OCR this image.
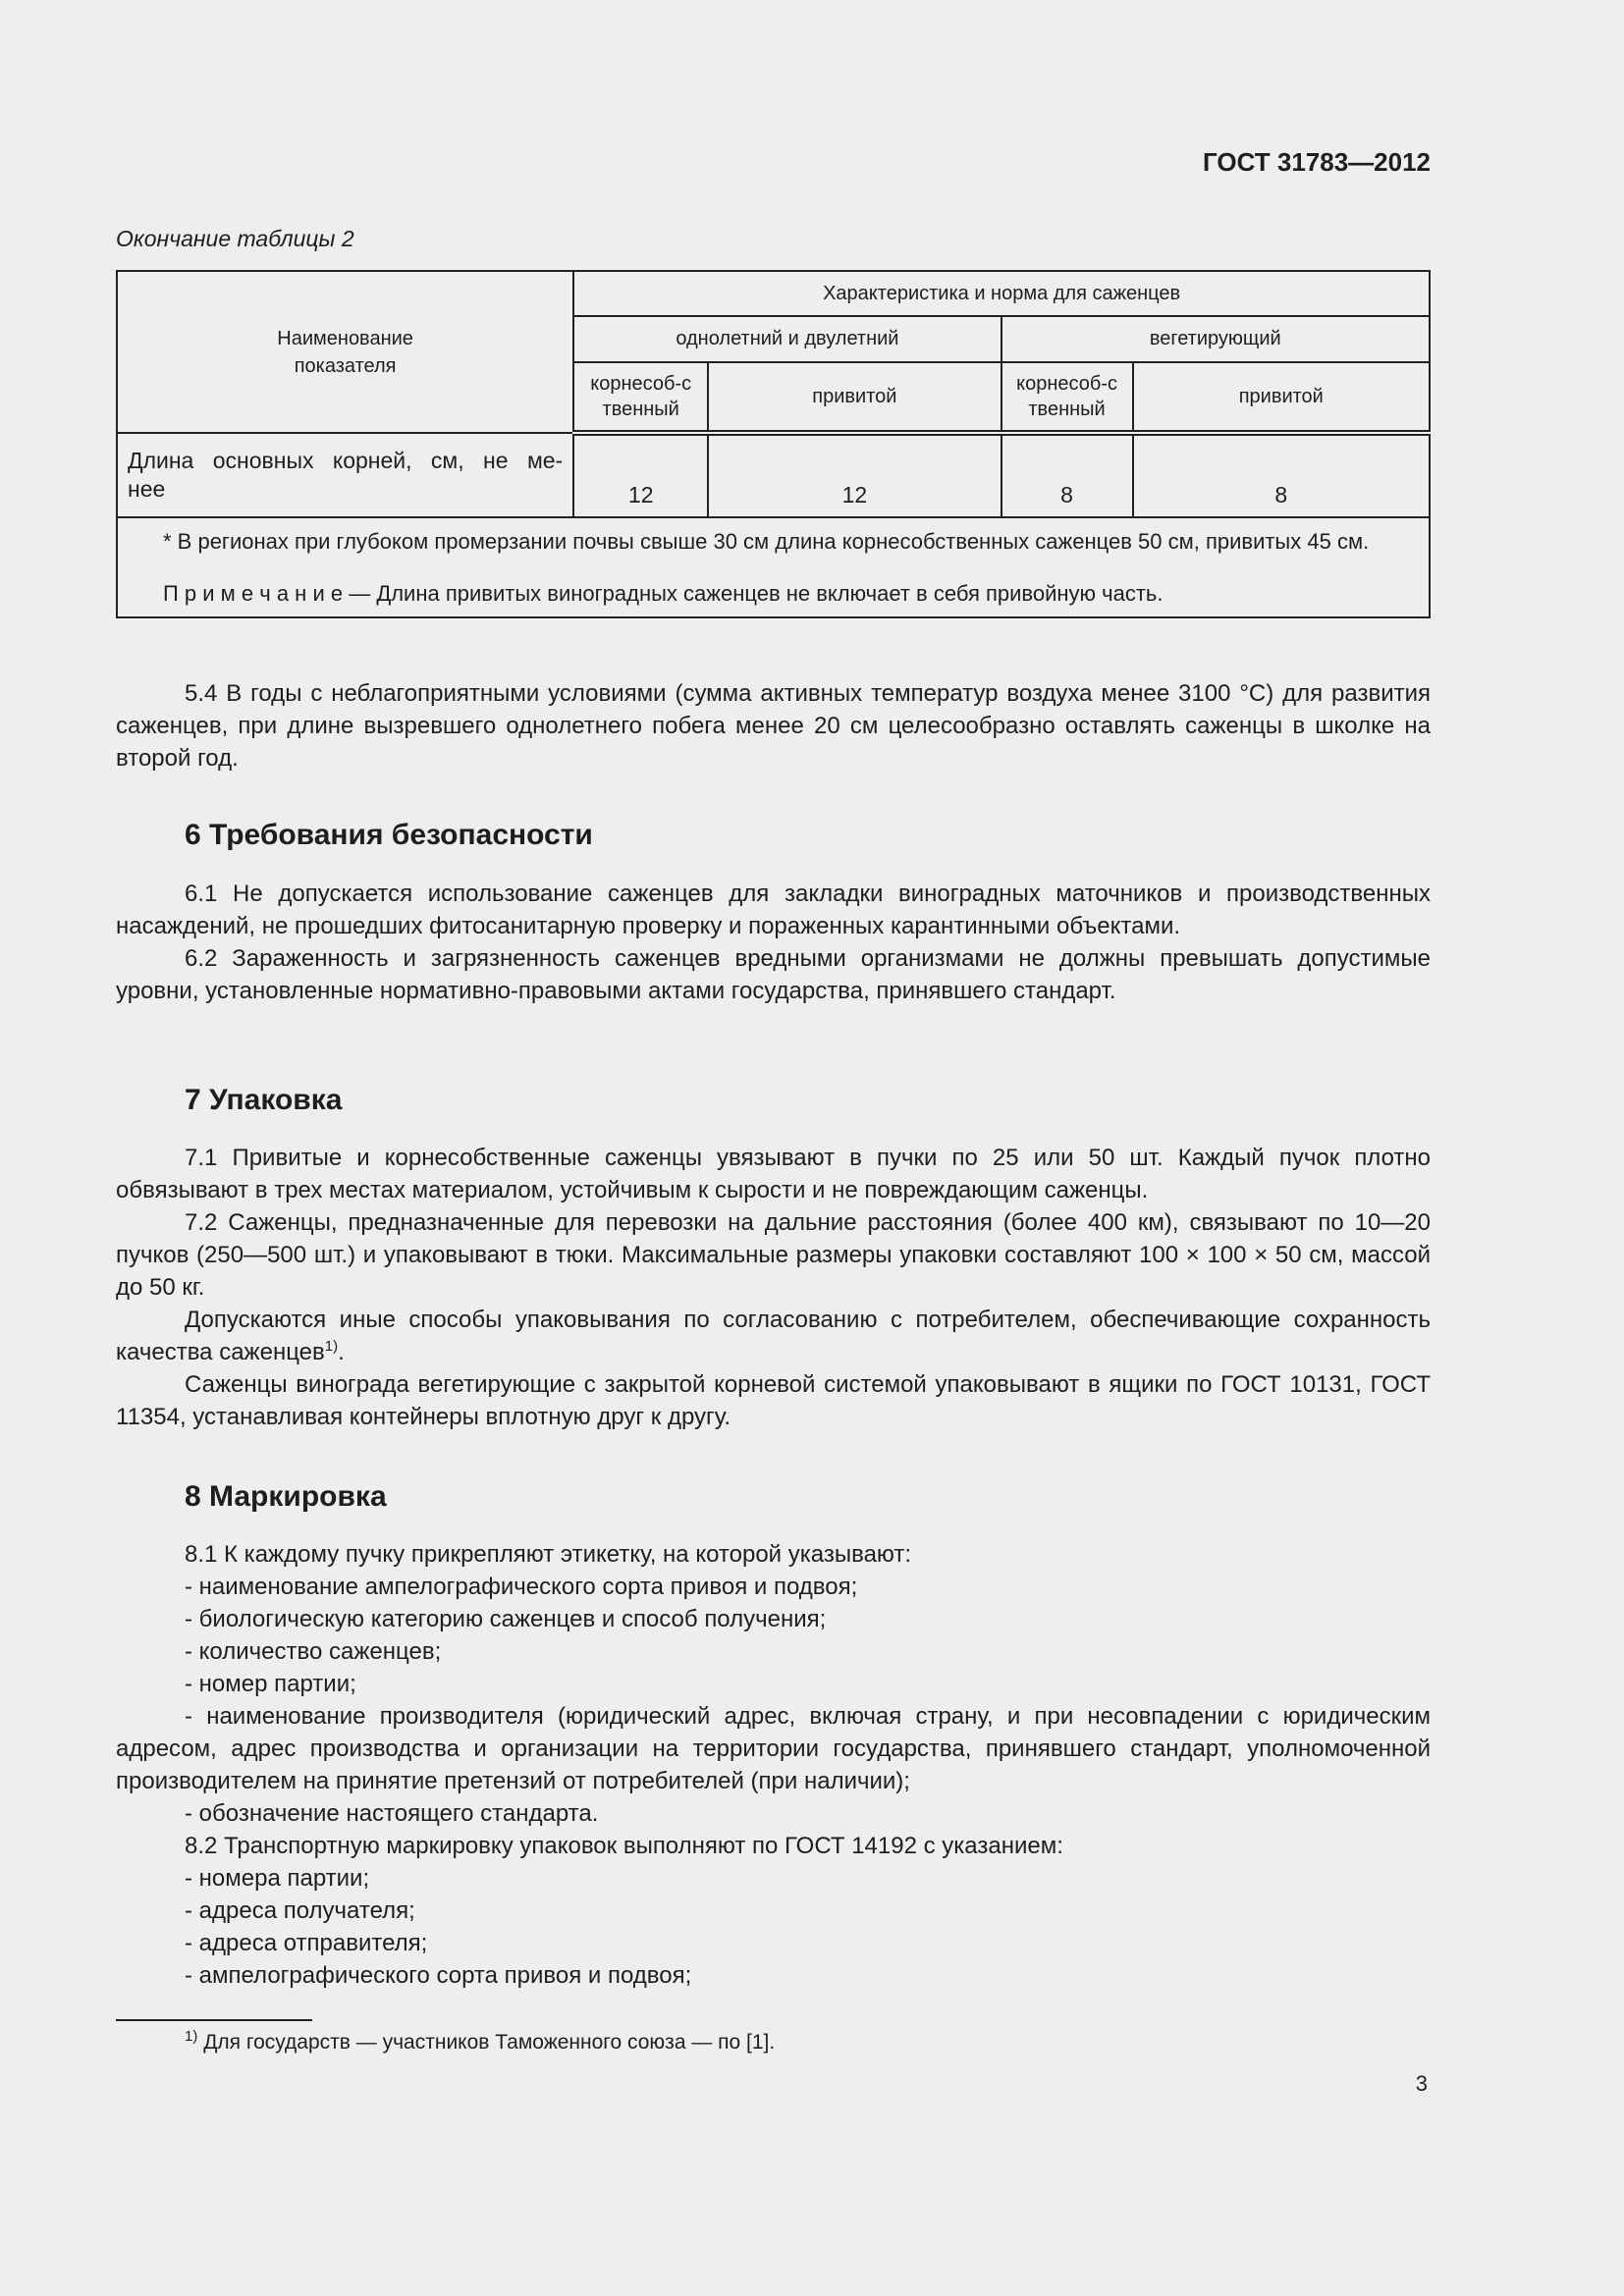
ГОСТ 31783—2012
Окончание таблицы 2
Наименование показателя	Характеристика и норма для саженцев			
	однолетний и двулетний		вегетирующий	
	корнесоб-ственный	привитой	корнесоб-ственный	привитой

Длина основных корней, см, не ме-
нее	12	12	8	8

* В регионах при глубоком промерзании почвы свыше 30 см длина корнесобственных саженцев 50 см, привитых 45 см.
П р и м е ч а н и е — Длина привитых виноградных саженцев не включает в себя привойную часть.				

5.4 В годы с неблагоприятными условиями (сумма активных температур воздуха менее 3100 °С) для развития саженцев, при длине вызревшего однолетнего побега менее 20 см целесообразно оставлять саженцы в школке на второй год.

6 Требования безопасности

6.1 Не допускается использование саженцев для закладки виноградных маточников и производственных насаждений, не прошедших фитосанитарную проверку и пораженных карантинными объектами.

6.2 Зараженность и загрязненность саженцев вредными организмами не должны превышать допустимые уровни, установленные нормативно-правовыми актами государства, принявшего стандарт.

7 Упаковка

7.1 Привитые и корнесобственные саженцы увязывают в пучки по 25 или 50 шт. Каждый пучок плотно обвязывают в трех местах материалом, устойчивым к сырости и не повреждающим саженцы.

7.2 Саженцы, предназначенные для перевозки на дальние расстояния (более 400 км), связывают по 10—20 пучков (250—500 шт.) и упаковывают в тюки. Максимальные размеры упаковки составляют 100 × 100 × 50 см, массой до 50 кг.

Допускаются иные способы упаковывания по согласованию с потребителем, обеспечивающие сохранность качества саженцев$^{1)}$.

Саженцы винограда вегетирующие с закрытой корневой системой упаковывают в ящики по ГОСТ 10131, ГОСТ 11354, устанавливая контейнеры вплотную друг к другу.

8 Маркировка

8.1 К каждому пучку прикрепляют этикетку, на которой указывают:

- наименование ампелографического сорта привоя и подвоя;

- биологическую категорию саженцев и способ получения;

- количество саженцев;

- номер партии;

- наименование производителя (юридический адрес, включая страну, и при несовпадении с юридическим адресом, адрес производства и организации на территории государства, принявшего стандарт, уполномоченной производителем на принятие претензий от потребителей (при наличии);

- обозначение настоящего стандарта.

8.2 Транспортную маркировку упаковок выполняют по ГОСТ 14192 с указанием:

- номера партии;

- адреса получателя;

- адреса отправителя;

- ампелографического сорта привоя и подвоя;

$^{1)}$ Для государств — участников Таможенного союза — по [1].
3
